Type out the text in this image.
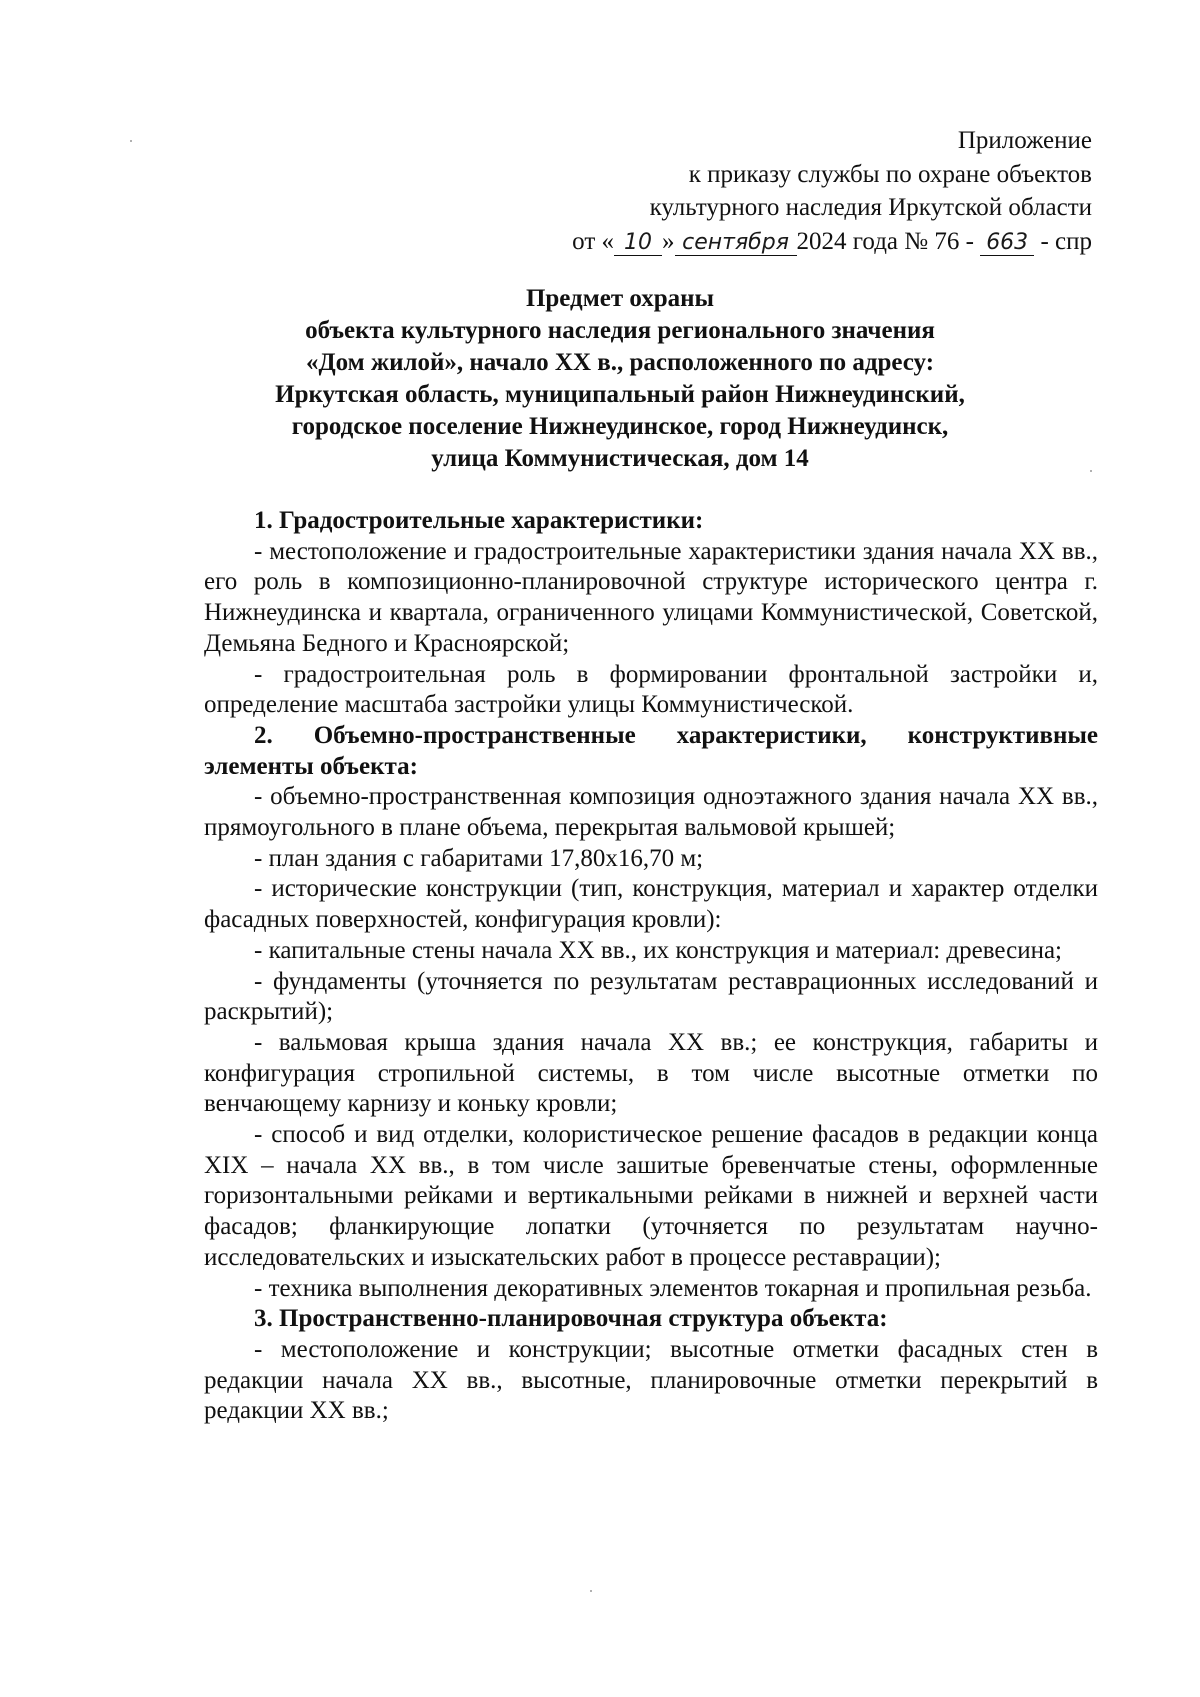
Приложение
к приказу службы по охране объектов
культурного наследия Иркутской области
от « 10 » сентября 2024 года № 76 - 663 - спр
Предмет охраны
объекта культурного наследия регионального значения
«Дом жилой», начало XX в., расположенного по адресу:
Иркутская область, муниципальный район Нижнеудинский,
городское поселение Нижнеудинское, город Нижнеудинск,
улица Коммунистическая, дом 14

1. Градостроительные характеристики:

- местоположение и градостроительные характеристики здания начала XX вв., его роль в композиционно-планировочной структуре исторического центра г. Нижнеудинска и квартала, ограниченного улицами Коммунистической, Советской, Демьяна Бедного и Красноярской;

- градостроительная роль в формировании фронтальной застройки и, определение масштаба застройки улицы Коммунистической.

2. Объемно-пространственные характеристики, конструктивные элементы объекта:

- объемно-пространственная композиция одноэтажного здания начала XX вв., прямоугольного в плане объема, перекрытая вальмовой крышей;

- план здания с габаритами 17,80х16,70 м;

- исторические конструкции (тип, конструкция, материал и характер отделки фасадных поверхностей, конфигурация кровли):

- капитальные стены начала XX вв., их конструкция и материал: древесина;

- фундаменты (уточняется по результатам реставрационных исследований и раскрытий);

- вальмовая крыша здания начала XX вв.; ее конструкция, габариты и конфигурация стропильной системы, в том числе высотные отметки по венчающему карнизу и коньку кровли;

- способ и вид отделки, колористическое решение фасадов в редакции конца XIX – начала XX вв., в том числе зашитые бревенчатые стены, оформленные горизонтальными рейками и вертикальными рейками в нижней и верхней части фасадов; фланкирующие лопатки (уточняется по результатам научно-исследовательских и изыскательских работ в процессе реставрации);

- техника выполнения декоративных элементов токарная и пропильная резьба.

3. Пространственно-планировочная структура объекта:

- местоположение и конструкции; высотные отметки фасадных стен в редакции начала XX вв., высотные, планировочные отметки перекрытий в редакции XX вв.;
